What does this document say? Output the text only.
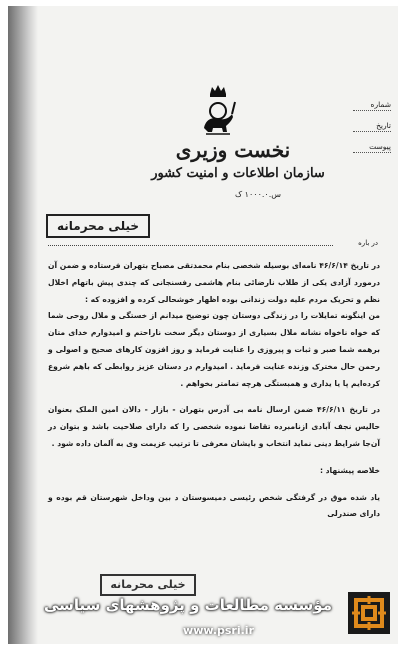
نخست وزیری
سازمان اطلاعات و امنیت کشور
س.۱۰۰۰.۰ ک
شماره
تاریخ
پیوست
خیلی محرمانه
در باره

در تاریخ ۴۶/۶/۱۴ نامه‌ای بوسیله شخصی بنام محمدتقی مصباح بتهران فرستاده و ضمن آن درمورد آزادی یکی از طلاب نارضائی بنام هاشمی رفسنجانی که چندی پیش باتهام اخلال نظم و تحریک مردم علیه دولت زندانی بوده اظهار خوشحالی کرده و افزوده که :

من اینگونه تمایلات را در زندگی دوستان چون توضیح میدانم از خستگی و ملال روحی شما که خواه ناخواه نشانه ملال بسیاری از دوستان دیگر سخت ناراحتم و امیدوارم خدای متان برهمه شما صبر و ثبات و پیروزی را عنایت فرماید و روز افزون کارهای صحیح و اصولی و رحمن حال مخترک وزنده عنایت فرماید . امیدوارم در دستان عزیز روابطی که باهم شروع کرده‌ایم پا یا یداری و همبستگی هرچه تمامتر بخواهم .

در تاریخ ۴۶/۶/۱۱ ضمن ارسال نامه بی آدرس بتهران - بازار - دالان امین الملک بعنوان حالیس نجف آبادی ازنامبرده تقاضا نموده شخصی را که دارای صلاحیت باشد و بتوان در آن‌جا شرایط دینی نماید انتخاب و بایشان معرفی تا ترتیب عزیمت وی به آلمان داده شود .

خلاصه پیشنهاد :

یاد شده موق در گرفتگی شخص رئیسی دمیسوستان د بین وداخل شهرستان قم بوده و دارای صندرلی

خیلی محرمانه
مؤسسه مطالعات و پژوهشهای سیاسی
www.psri.ir
